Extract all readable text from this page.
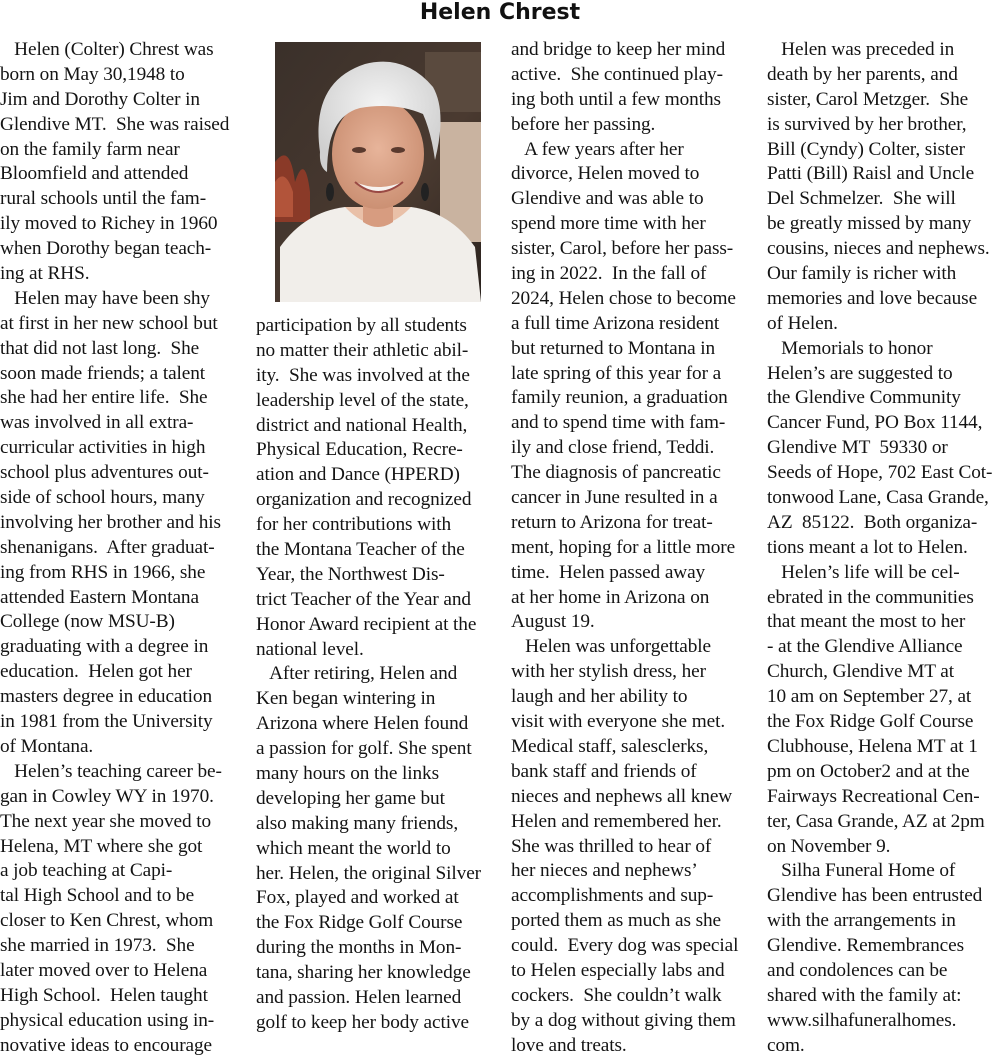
Helen Chrest
Helen (Colter) Chrest was
born on May 30,1948 to
Jim and Dorothy Colter in
Glendive MT.  She was raised
on the family farm near
Bloomfield and attended
rural schools until the fam-
ily moved to Richey in 1960
when Dorothy began teach-
ing at RHS.
Helen may have been shy
at first in her new school but
that did not last long.  She
soon made friends; a talent
she had her entire life.  She
was involved in all extra-
curricular activities in high
school plus adventures out-
side of school hours, many
involving her brother and his
shenanigans.  After graduat-
ing from RHS in 1966, she
attended Eastern Montana
College (now MSU-B)
graduating with a degree in
education.  Helen got her
masters degree in education
in 1981 from the University
of Montana.
Helen’s teaching career be-
gan in Cowley WY in 1970.
The next year she moved to
Helena, MT where she got
a job teaching at Capi-
tal High School and to be
closer to Ken Chrest, whom
she married in 1973.  She
later moved over to Helena
High School.  Helen taught
physical education using in-
novative ideas to encourage
participation by all students
no matter their athletic abil-
ity.  She was involved at the
leadership level of the state,
district and national Health,
Physical Education, Recre-
ation and Dance (HPERD)
organization and recognized
for her contributions with
the Montana Teacher of the
Year, the Northwest Dis-
trict Teacher of the Year and
Honor Award recipient at the
national level.
After retiring, Helen and
Ken began wintering in
Arizona where Helen found
a passion for golf. She spent
many hours on the links
developing her game but
also making many friends,
which meant the world to
her. Helen, the original Silver
Fox, played and worked at
the Fox Ridge Golf Course
during the months in Mon-
tana, sharing her knowledge
and passion. Helen learned
golf to keep her body active
and bridge to keep her mind
active.  She continued play-
ing both until a few months
before her passing.
A few years after her
divorce, Helen moved to
Glendive and was able to
spend more time with her
sister, Carol, before her pass-
ing in 2022.  In the fall of
2024, Helen chose to become
a full time Arizona resident
but returned to Montana in
late spring of this year for a
family reunion, a graduation
and to spend time with fam-
ily and close friend, Teddi.
The diagnosis of pancreatic
cancer in June resulted in a
return to Arizona for treat-
ment, hoping for a little more
time.  Helen passed away
at her home in Arizona on
August 19.
Helen was unforgettable
with her stylish dress, her
laugh and her ability to
visit with everyone she met.
Medical staff, salesclerks,
bank staff and friends of
nieces and nephews all knew
Helen and remembered her.
She was thrilled to hear of
her nieces and nephews’
accomplishments and sup-
ported them as much as she
could.  Every dog was special
to Helen especially labs and
cockers.  She couldn’t walk
by a dog without giving them
love and treats.
Helen was preceded in
death by her parents, and
sister, Carol Metzger.  She
is survived by her brother,
Bill (Cyndy) Colter, sister
Patti (Bill) Raisl and Uncle
Del Schmelzer.  She will
be greatly missed by many
cousins, nieces and nephews.
Our family is richer with
memories and love because
of Helen.
Memorials to honor
Helen’s are suggested to
the Glendive Community
Cancer Fund, PO Box 1144,
Glendive MT  59330 or
Seeds of Hope, 702 East Cot-
tonwood Lane, Casa Grande,
AZ  85122.  Both organiza-
tions meant a lot to Helen.
Helen’s life will be cel-
ebrated in the communities
that meant the most to her
- at the Glendive Alliance
Church, Glendive MT at
10 am on September 27, at
the Fox Ridge Golf Course
Clubhouse, Helena MT at 1
pm on October2 and at the
Fairways Recreational Cen-
ter, Casa Grande, AZ at 2pm
on November 9.
Silha Funeral Home of
Glendive has been entrusted
with the arrangements in
Glendive. Remembrances
and condolences can be
shared with the family at:
www.silhafuneralhomes.
com.
